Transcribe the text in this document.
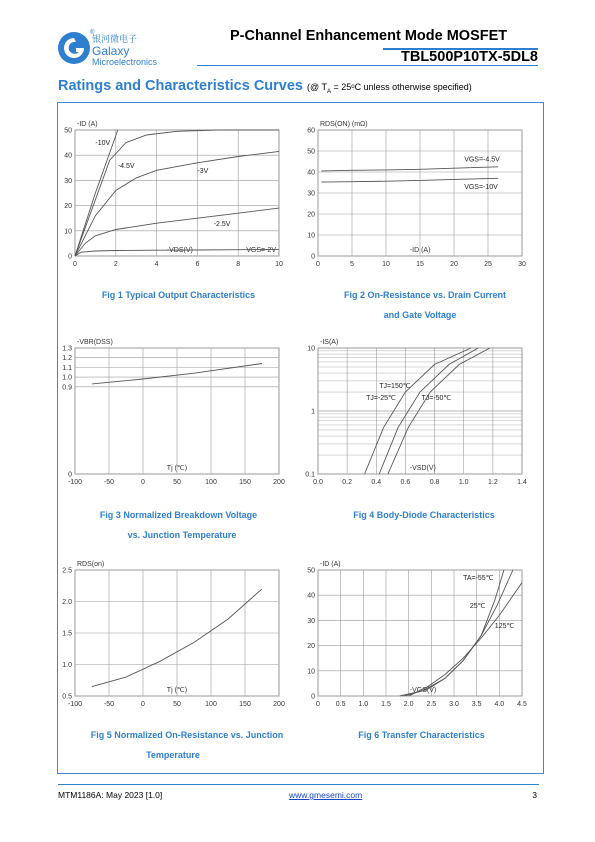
银河微电子
Galaxy
Microelectronics
®	P-Channel Enhancement Mode MOSFET
TBL500P10TX-5DL8
Ratings and Characteristics Curves (@ $T_A$ = 25ᵒC unless otherwise specified)
0	2	4	6	8	10
0
10
20
30
40
50
-ID (A)
-VDS(V)	VGS=-2V
-10V
-4.5V
-3V
-2.5V
0	5	10	15	20	25	30
0
10
20
30
40
50
60
RDS(ON) (mΩ)
-ID (A)
VGS=-4.5V
VGS=-10V
-100	-50	0	50	100	150	200
0
0.9
1.0
1.1
1.2
1.3
-VBR(DSS)
Tj (℃)
0.0	0.2	0.4	0.6	0.8	1.0	1.2	1.4
0.1
1
10
-IS(A)
-VSD(V)
TJ=150℃
TJ=-25℃	TJ=-50℃
-100	-50	0	50	100	150	200
0.5
1.0
1.5
2.0
2.5
RDS(on)
Tj (℃)
0 0.5 1.0 1.5 2.0 2.5 3.0 3.5 4.0 4.5
0
10
20
30
40
50
-ID (A)
-VGS(V)
TA=-55℃
25℃
125℃
Fig 1 Typical Output Characteristics	Fig 2 On-Resistance vs. Drain Current
and Gate Voltage
Fig 3 Normalized Breakdown Voltage
vs. Junction Temperature
Fig 4 Body-Diode Characteristics
Fig 5 Normalized On-Resistance vs. Junction
Temperature
Fig 6 Transfer Characteristics
MTM1186A: May 2023 [1.0]	www.gmesemi.com	3
